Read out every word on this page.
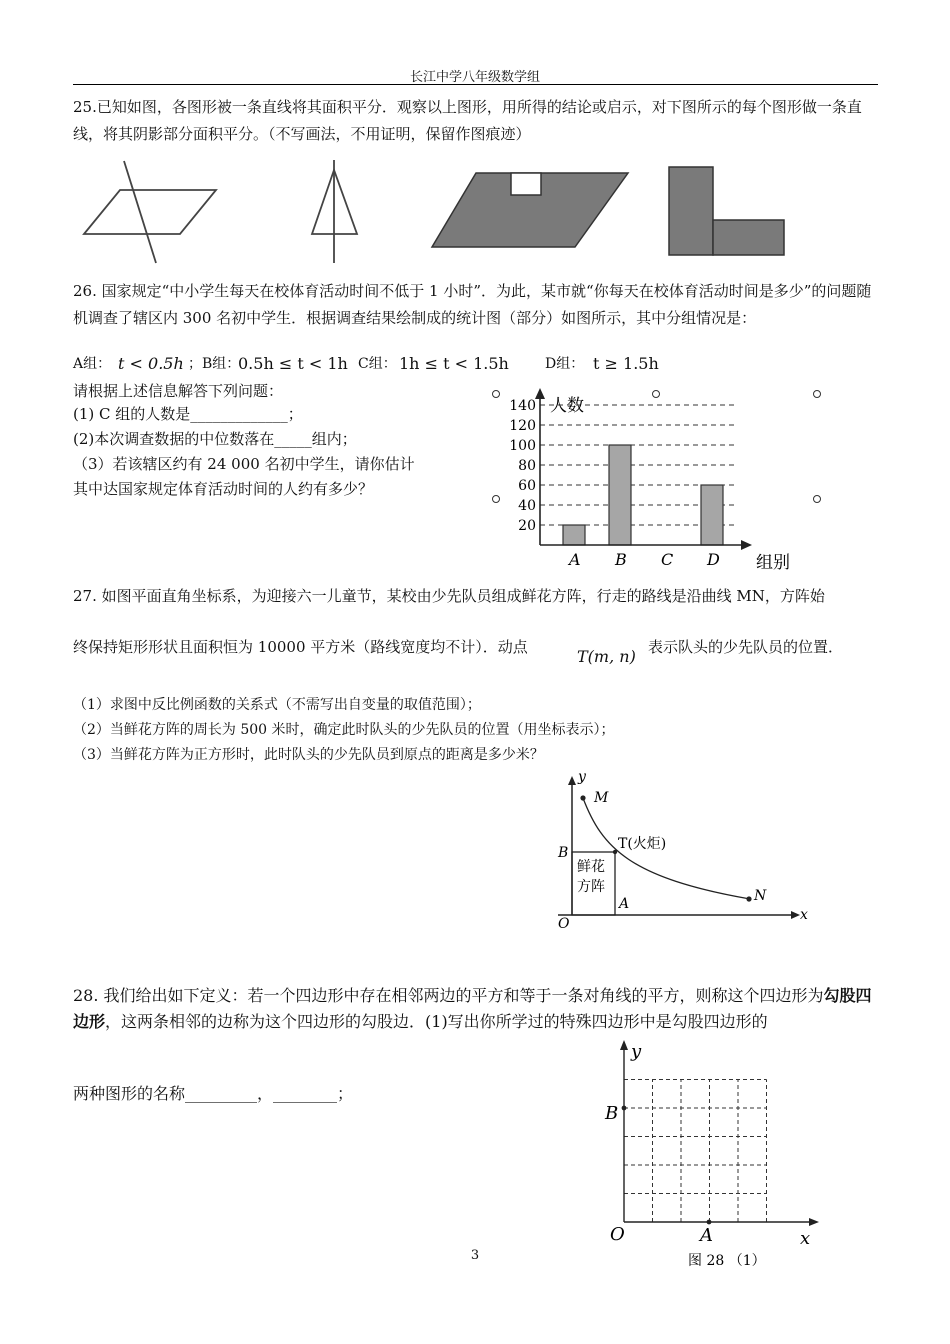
长江中学八年级数学组
25.已知如图，各图形被一条直线将其面积平分．观察以上图形，用所得的结论或启示，对下图所示的每个图形做一条直线，将其阴影部分面积平分。（不写画法，不用证明，保留作图痕迹）
26. 国家规定“中小学生每天在校体育活动时间不低于 1 小时”．为此，某市就“你每天在校体育活动时间是多少”的问题随机调查了辖区内 300 名初中学生．根据调查结果绘制成的统计图（部分）如图所示，其中分组情况是：
A组： t < 0.5h ；B组：
0.5h ≤ t < 1h C组： 1h ≤ t < 1.5h	D组： t ≥ 1.5h
请根据上述信息解答下列问题：
(1) C 组的人数是_____________；
(2)本次调查数据的中位数落在_____组内；
（3）若该辖区约有 24 000 名初中学生，请你估计
其中达国家规定体育活动时间的人约有多少？
20
40
60
80
100
120
140
A B C D
人数
组别
27. 如图平面直角坐标系，为迎接六一儿童节，某校由少先队员组成鲜花方阵，行走的路线是沿曲线 MN，方阵始
终保持矩形形状且面积恒为 10000 平方米（路线宽度均不计）．动点	T(m, n) 表示队头的少先队员的位置．
（1）求图中反比例函数的关系式（不需写出自变量的取值范围）；
（2）当鲜花方阵的周长为 500 米时，确定此时队头的少先队员的位置（用坐标表示）；
（3）当鲜花方阵为正方形时，此时队头的少先队员到原点的距离是多少米？
y
x
O
M
N
B
A
T(火炬)
鲜花
方阵
28. 我们给出如下定义：若一个四边形中存在相邻两边的平方和等于一条对角线的平方，则称这个四边形为勾股四边形，这两条相邻的边称为这个四边形的勾股边．(1)写出你所学过的特殊四边形中是勾股四边形的
两种图形的名称_________，________；
y
x
O
B
A
图 28 （1）
3
